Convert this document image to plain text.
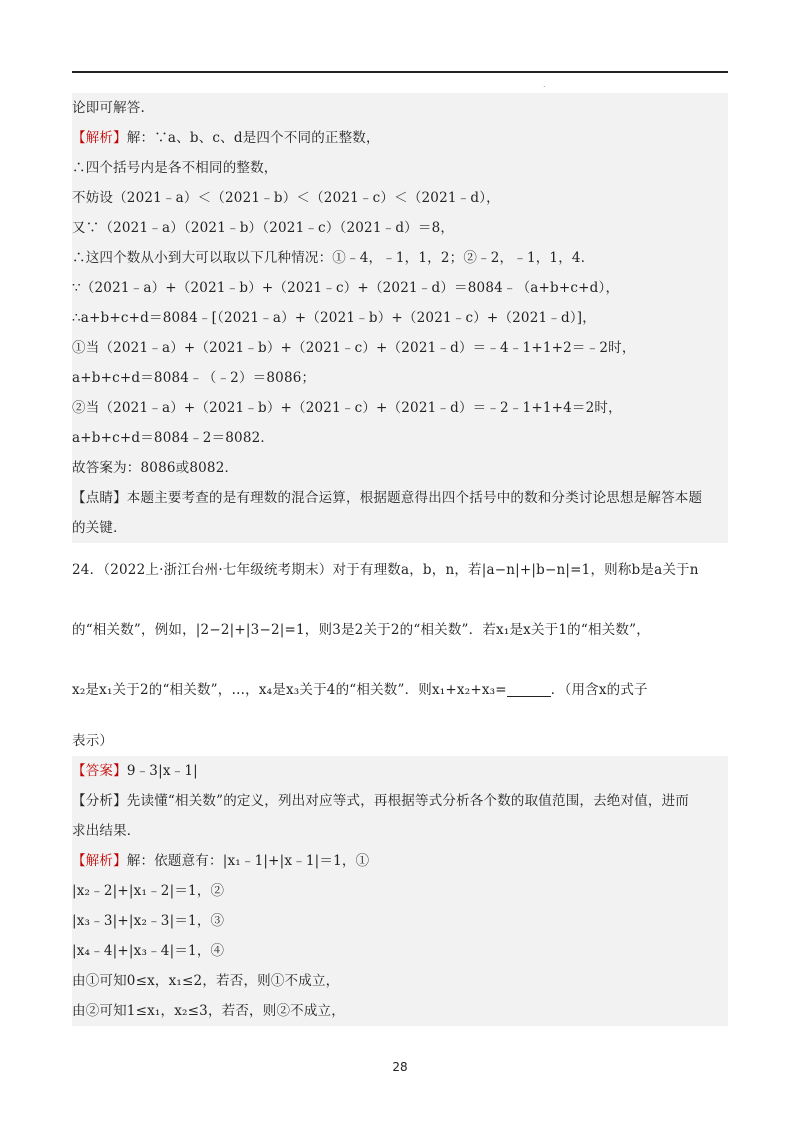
.
论即可解答.
【解析】解：∵a、b、c、d是四个不同的正整数，
∴四个括号内是各不相同的整数，
不妨设（2021﹣a）＜（2021﹣b）＜（2021﹣c）＜（2021﹣d），
又∵（2021﹣a）（2021﹣b）（2021﹣c）（2021﹣d）＝8，
∴这四个数从小到大可以取以下几种情况：①﹣4，﹣1，1，2；②﹣2，﹣1，1，4．
∵（2021﹣a）+（2021﹣b）+（2021﹣c）+（2021﹣d）＝8084﹣（a+b+c+d），
∴a+b+c+d＝8084﹣[（2021﹣a）+（2021﹣b）+（2021﹣c）+（2021﹣d）]，
①当（2021﹣a）+（2021﹣b）+（2021﹣c）+（2021﹣d）＝﹣4﹣1+1+2＝﹣2时，
a+b+c+d＝8084﹣（﹣2）＝8086；
②当（2021﹣a）+（2021﹣b）+（2021﹣c）+（2021﹣d）＝﹣2﹣1+1+4＝2时，
a+b+c+d＝8084﹣2＝8082．
故答案为：8086或8082．
【点睛】本题主要考查的是有理数的混合运算，根据题意得出四个括号中的数和分类讨论思想是解答本题
的关键．
24．（2022上·浙江台州·七年级统考期末）对于有理数a，b，n，若|a−n|+|b−n|=1，则称b是a关于n
的“相关数”，例如，|2−2|+|3−2|=1，则3是2关于2的“相关数”．若x₁是x关于1的“相关数”，
x₂是x₁关于2的“相关数”，…，x₄是x₃关于4的“相关数”．则x₁+x₂+x₃=	．（用含x的式子
表示）
【答案】9﹣3|x﹣1|
【分析】先读懂“相关数”的定义，列出对应等式，再根据等式分析各个数的取值范围，去绝对值，进而
求出结果．
【解析】解：依题意有：|x₁﹣1|+|x﹣1|＝1，①
|x₂﹣2|+|x₁﹣2|＝1，②
|x₃﹣3|+|x₂﹣3|＝1，③
|x₄﹣4|+|x₃﹣4|＝1，④
由①可知0≤x，x₁≤2，若否，则①不成立，
由②可知1≤x₁，x₂≤3，若否，则②不成立，
28
